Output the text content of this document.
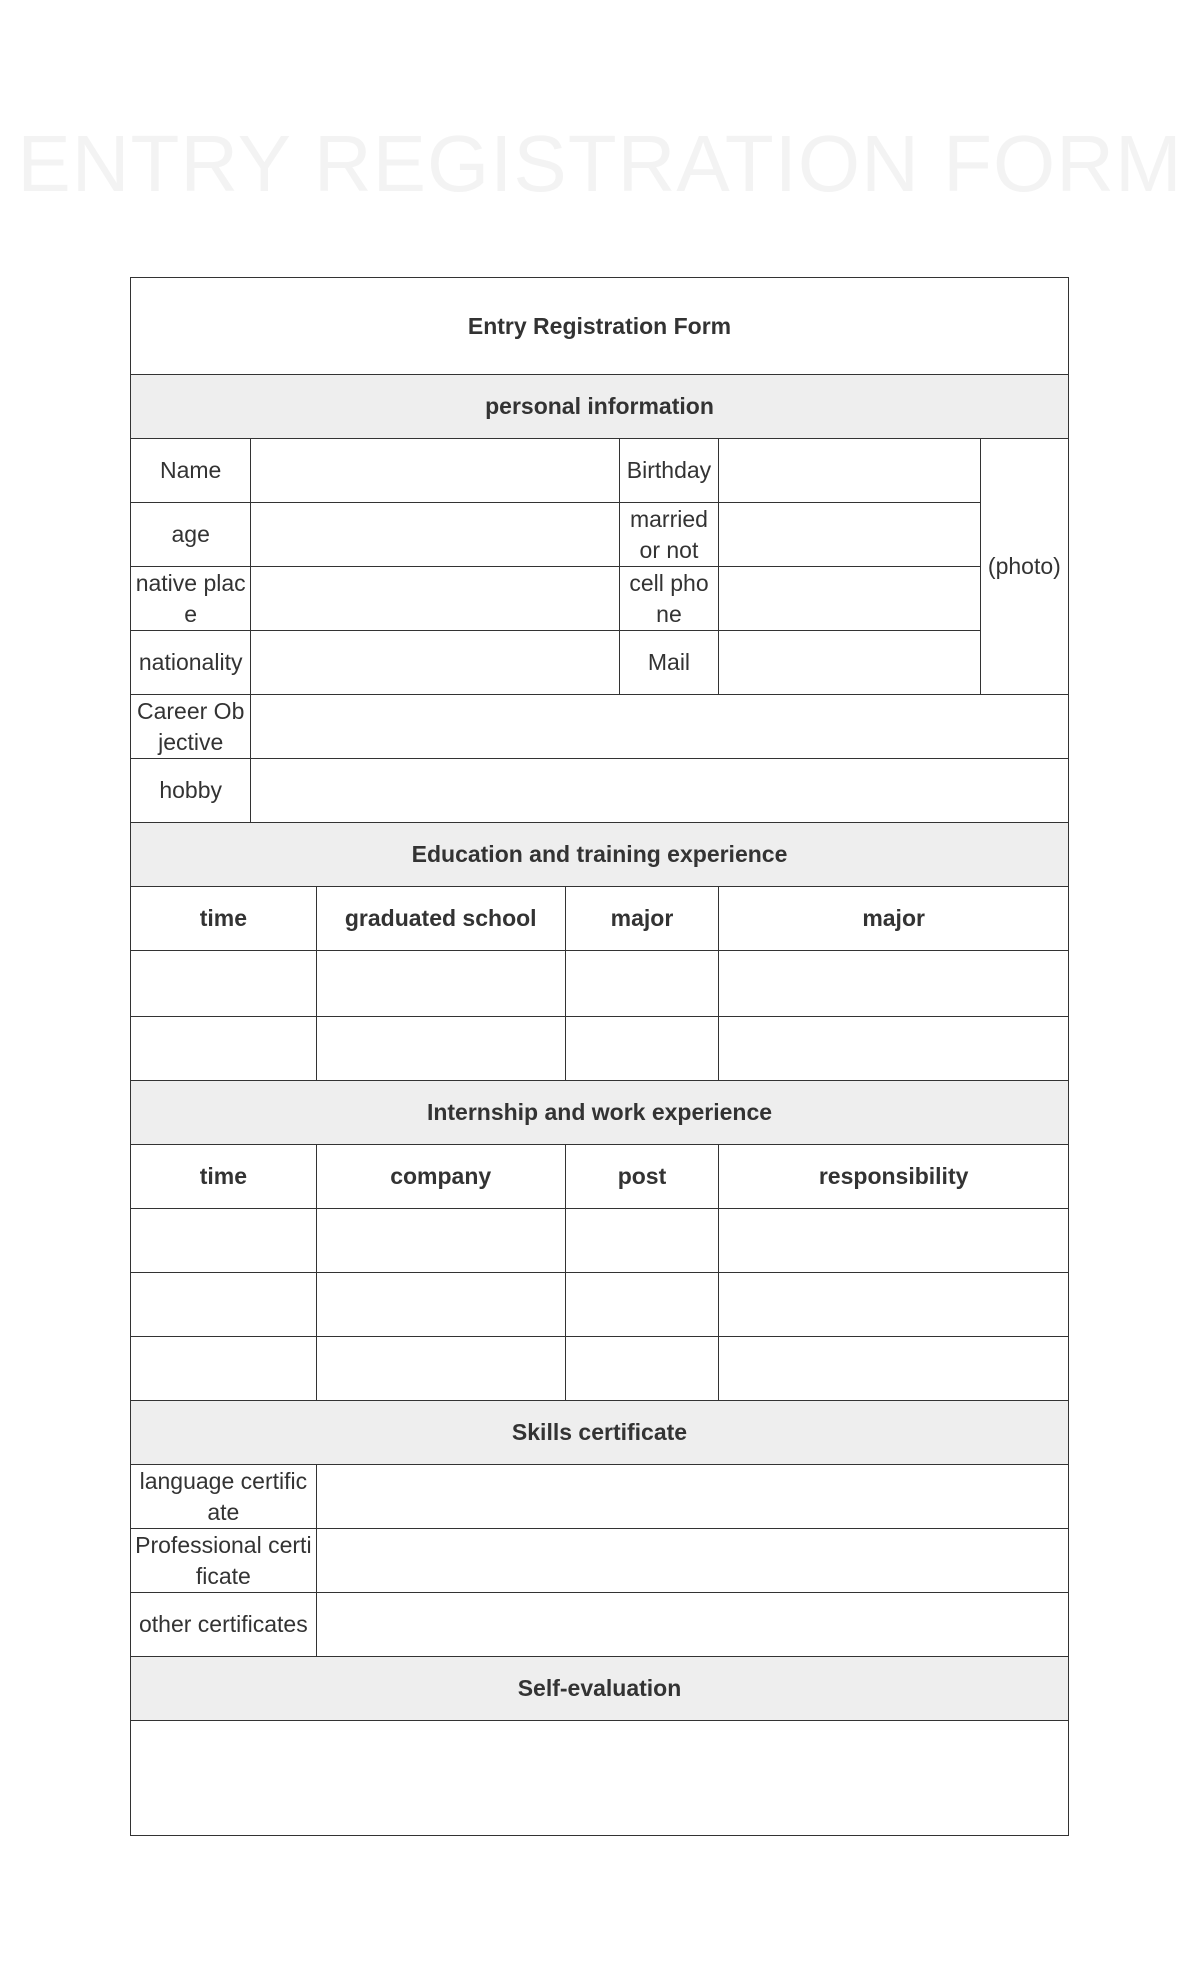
ENTRY REGISTRATION FORM
Entry Registration Form						
personal information						
Name				Birthday		(photo)
age				married or not		
native place				cell phone		
nationality				Mail		
Career Objective						
hobby						
Education and training experience						
time		graduated school	major		major	

Internship and work experience						
time		company	post		responsibility	

Skills certificate						
language certificate						
Professional certificate						
other certificates						
Self-evaluation						
